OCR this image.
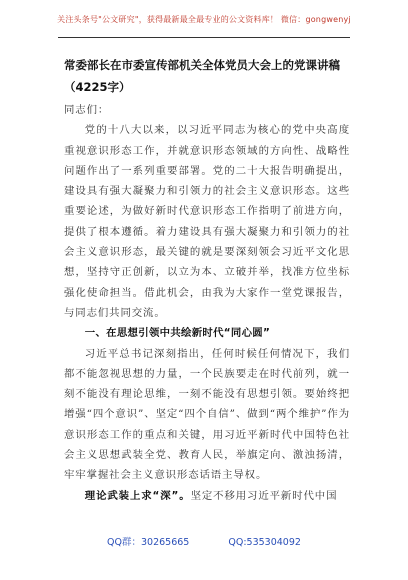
关注头条号"公文研究"，获得最新最全最专业的公文资料库！ 微信：gongwenyj
常委部长在市委宣传部机关全体党员大会上的党课讲稿（4225字）

同志们：

党的十八大以来，以习近平同志为核心的党中央高度重视意识形态工作，并就意识形态领域的方向性、战略性问题作出了一系列重要部署。党的二十大报告明确提出，建设具有强大凝聚力和引领力的社会主义意识形态。这些重要论述，为做好新时代意识形态工作指明了前进方向，提供了根本遵循。着力建设具有强大凝聚力和引领力的社会主义意识形态，最关键的就是要深刻领会习近平文化思想，坚持守正创新，以立为本、立破并举，找准方位坐标强化使命担当。借此机会，由我为大家作一堂党课报告，与同志们共同交流。

一、在思想引领中共绘新时代“同心圆”

习近平总书记深刻指出，任何时候任何情况下，我们都不能忽视思想的力量，一个民族要走在时代前列，就一刻不能没有理论思维，一刻不能没有思想引领。要始终把增强“四个意识”、坚定“四个自信”、做到“两个维护”作为意识形态工作的重点和关键，用习近平新时代中国特色社会主义思想武装全党、教育人民，举旗定向、激浊扬清，牢牢掌握社会主义意识形态话语主导权。

理论武装上求“深”。坚定不移用习近平新时代中国

QQ群：30265665	QQ:535304092
